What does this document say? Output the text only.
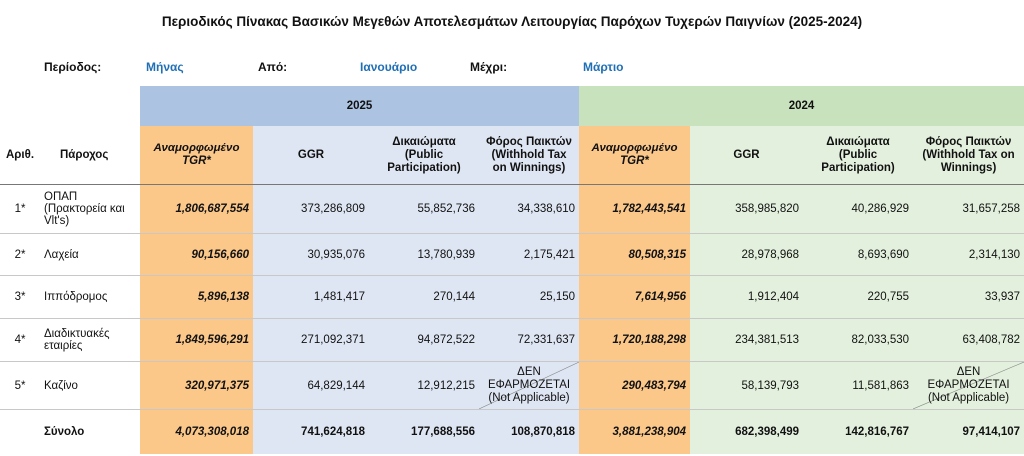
Περιοδικός Πίνακας Βασικών Μεγεθών Αποτελεσμάτων Λειτουργίας Παρόχων Τυχερών Παιγνίων (2025-2024)
Περίοδος:	Μήνας	Από:	Ιανουάριο	Μέχρι:	Μάρτιο
		2025				2024			
Αριθ.	Πάροχος	Αναμορφωμένο TGR*	GGR	Δικαιώματα (Public Participation)	Φόρος Παικτών (Withhold Tax on Winnings)	Αναμορφωμένο TGR*	GGR	Δικαιώματα (Public Participation)	Φόρος Παικτών (Withhold Tax on Winnings)
1*	ΟΠΑΠ (Πρακτορεία και Vlt's)	1,806,687,554	373,286,809	55,852,736	34,338,610	1,782,443,541	358,985,820	40,286,929	31,657,258
2*	Λαχεία	90,156,660	30,935,076	13,780,939	2,175,421	80,508,315	28,978,968	8,693,690	2,314,130
3*	Ιππόδρομος	5,896,138	1,481,417	270,144	25,150	7,614,956	1,912,404	220,755	33,937
4*	Διαδικτυακές εταιρίες	1,849,596,291	271,092,371	94,872,522	72,331,637	1,720,188,298	234,381,513	82,033,530	63,408,782
5*	Καζίνο	320,971,375	64,829,144	12,912,215	ΔΕΝ ΕΦΑΡΜΟΖΕΤΑΙ (Not Applicable)	290,483,794	58,139,793	11,581,863	ΔΕΝ ΕΦΑΡΜΟΖΕΤΑΙ (Not Applicable)
	Σύνολο	4,073,308,018	741,624,818	177,688,556	108,870,818	3,881,238,904	682,398,499	142,816,767	97,414,107
